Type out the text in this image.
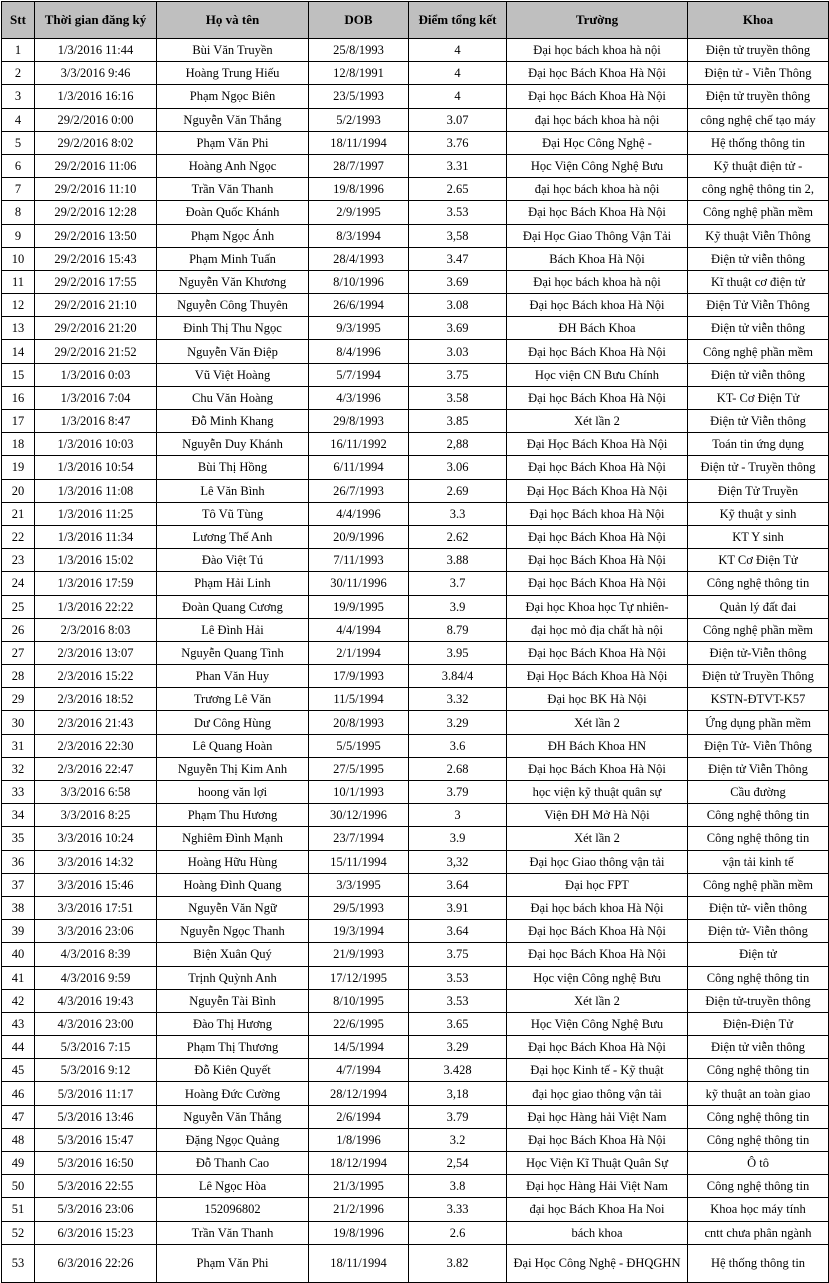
Stt	Thời gian đăng ký	Họ và tên	DOB	Điểm tổng kết	Trường	Khoa
1	1/3/2016 11:44	Bùi Văn Truyền	25/8/1993	4	Đại học bách khoa hà nội	Điện tử truyền thông
2	3/3/2016 9:46	Hoàng Trung Hiếu	12/8/1991	4	Đại học Bách Khoa Hà Nội	Điện tử - Viễn Thông
3	1/3/2016 16:16	Phạm Ngọc Biên	23/5/1993	4	Đại học Bách Khoa Hà Nội	Điện tử truyền thông
4	29/2/2016 0:00	Nguyễn Văn Thắng	5/2/1993	3.07	đại học bách khoa hà nội	công nghệ chế tạo máy
5	29/2/2016 8:02	Phạm Văn Phi	18/11/1994	3.76	Đại Học Công Nghệ -	Hệ thống thông tin
6	29/2/2016 11:06	Hoàng Anh Ngọc	28/7/1997	3.31	Học Viện Công Nghệ Bưu	Kỹ thuật điện tử -
7	29/2/2016 11:10	Trần Văn Thanh	19/8/1996	2.65	đại học bách khoa hà nội	công nghệ thông tin 2,
8	29/2/2016 12:28	Đoàn Quốc Khánh	2/9/1995	3.53	Đại học Bách Khoa Hà Nội	Công nghệ phần mềm
9	29/2/2016 13:50	Phạm Ngọc Ánh	8/3/1994	3,58	Đại Học Giao Thông Vận Tải	Kỹ thuật Viễn Thông
10	29/2/2016 15:43	Phạm Minh Tuấn	28/4/1993	3.47	Bách Khoa Hà Nội	Điện tử viễn thông
11	29/2/2016 17:55	Nguyễn Văn Khương	8/10/1996	3.69	Đại học bách khoa hà nội	Kĩ thuật cơ điện tử
12	29/2/2016 21:10	Nguyễn Công Thuyên	26/6/1994	3.08	Đại học Bách khoa Hà Nội	Điện Tử Viễn Thông
13	29/2/2016 21:20	Đinh Thị Thu Ngọc	9/3/1995	3.69	ĐH Bách Khoa	Điện tử viễn thông
14	29/2/2016 21:52	Nguyễn Văn Điệp	8/4/1996	3.03	Đại học Bách Khoa Hà Nội	Công nghệ phần mềm
15	1/3/2016 0:03	Vũ Việt Hoàng	5/7/1994	3.75	Học viện CN Bưu Chính	Điện tử viễn thông
16	1/3/2016 7:04	Chu Văn Hoàng	4/3/1996	3.58	Đại học Bách Khoa Hà Nội	KT- Cơ Điện Tử
17	1/3/2016 8:47	Đỗ Minh Khang	29/8/1993	3.85	Xét lần 2	Điện tử Viễn thông
18	1/3/2016 10:03	Nguyễn Duy Khánh	16/11/1992	2,88	Đại Học Bách Khoa Hà Nội	Toán tin ứng dụng
19	1/3/2016 10:54	Bùi Thị Hồng	6/11/1994	3.06	Đại học Bách Khoa Hà Nội	Điện tử - Truyền thông
20	1/3/2016 11:08	Lê Văn Bình	26/7/1993	2.69	Đại Học Bách Khoa Hà Nội	Điện Tử Truyền
21	1/3/2016 11:25	Tô Vũ Tùng	4/4/1996	3.3	Đại học Bách khoa Hà Nội	Kỹ thuật y sinh
22	1/3/2016 11:34	Lương Thế Anh	20/9/1996	2.62	Đại học Bách Khoa Hà Nội	KT Y sinh
23	1/3/2016 15:02	Đào Việt Tú	7/11/1993	3.88	Đại học Bách Khoa Hà Nội	KT Cơ Điện Tử
24	1/3/2016 17:59	Phạm Hải Linh	30/11/1996	3.7	Đại học Bách Khoa Hà Nội	Công nghệ thông tin
25	1/3/2016 22:22	Đoàn Quang Cương	19/9/1995	3.9	Đại học Khoa học Tự nhiên-	Quản lý đất đai
26	2/3/2016 8:03	Lê Đình Hải	4/4/1994	8.79	đại học mỏ địa chất hà nội	Công nghệ phần mềm
27	2/3/2016 13:07	Nguyễn Quang Tình	2/1/1994	3.95	Đại học Bách Khoa Hà Nội	Điện tử-Viễn thông
28	2/3/2016 15:22	Phan Văn Huy	17/9/1993	3.84/4	Đại Học Bách Khoa Hà Nội	Điện tử Truyền Thông
29	2/3/2016 18:52	Trương Lê Văn	11/5/1994	3.32	Đại học BK Hà Nội	KSTN-ĐTVT-K57
30	2/3/2016 21:43	Dư Công Hùng	20/8/1993	3.29	Xét lần 2	Ứng dụng phần mềm
31	2/3/2016 22:30	Lê Quang Hoàn	5/5/1995	3.6	ĐH Bách Khoa HN	Điện Tử- Viễn Thông
32	2/3/2016 22:47	Nguyễn Thị Kim Anh	27/5/1995	2.68	Đại học Bách Khoa Hà Nội	Điện tử Viễn Thông
33	3/3/2016 6:58	hoong văn lợi	10/1/1993	3.79	học viện kỹ thuật quân sự	Cầu đường
34	3/3/2016 8:25	Phạm Thu Hương	30/12/1996	3	Viện ĐH Mở Hà Nội	Công nghệ thông tin
35	3/3/2016 10:24	Nghiêm Đình Mạnh	23/7/1994	3.9	Xét lần 2	Công nghệ thông tin
36	3/3/2016 14:32	Hoàng Hữu Hùng	15/11/1994	3,32	Đại học Giao thông vận tải	vận tải kinh tế
37	3/3/2016 15:46	Hoàng Đình Quang	3/3/1995	3.64	Đại học FPT	Công nghệ phần mềm
38	3/3/2016 17:51	Nguyễn Văn Ngữ	29/5/1993	3.91	Đại học bách khoa Hà Nội	Điện tử- viễn thông
39	3/3/2016 23:06	Nguyễn Ngọc Thanh	19/3/1994	3.64	Đại học Bách Khoa Hà Nội	Điện tử- Viễn thông
40	4/3/2016 8:39	Biện Xuân Quý	21/9/1993	3.75	Đại học Bách Khoa Hà Nội	Điện tử
41	4/3/2016 9:59	Trịnh Quỳnh Anh	17/12/1995	3.53	Học viện Công nghệ Bưu	Công nghệ thông tin
42	4/3/2016 19:43	Nguyễn Tài Bình	8/10/1995	3.53	Xét lần 2	Điện tử-truyền thông
43	4/3/2016 23:00	Đào Thị Hương	22/6/1995	3.65	Học Viện Công Nghệ Bưu	Điện-Điện Tử
44	5/3/2016 7:15	Phạm Thị Thương	14/5/1994	3.29	Đại học Bách Khoa Hà Nội	Điện tử viễn thông
45	5/3/2016 9:12	Đỗ Kiên Quyết	4/7/1994	3.428	Đại học Kinh tế - Kỹ thuật	Công nghệ thông tin
46	5/3/2016 11:17	Hoàng Đức Cường	28/12/1994	3,18	đại học giao thông vận tải	kỹ thuật an toàn giao
47	5/3/2016 13:46	Nguyễn Văn Thắng	2/6/1994	3.79	Đại học Hàng hải Việt Nam	Công nghệ thông tin
48	5/3/2016 15:47	Đặng Ngọc Quảng	1/8/1996	3.2	Đại học Bách Khoa Hà Nội	Công nghệ thông tin
49	5/3/2016 16:50	Đỗ Thanh Cao	18/12/1994	2,54	Học Viện Kĩ Thuật Quân Sự	Ô tô
50	5/3/2016 22:55	Lê Ngọc Hòa	21/3/1995	3.8	Đại học Hàng Hải Việt Nam	Công nghệ thông tin
51	5/3/2016 23:06	152096802	21/2/1996	3.33	đại học Bách Khoa Ha Noi	Khoa học máy tính
52	6/3/2016 15:23	Trần Văn Thanh	19/8/1996	2.6	bách khoa	cntt chưa phân ngành
53	6/3/2016 22:26	Phạm Văn Phi	18/11/1994	3.82	Đại Học Công Nghệ - ĐHQGHN	Hệ thống thông tin
